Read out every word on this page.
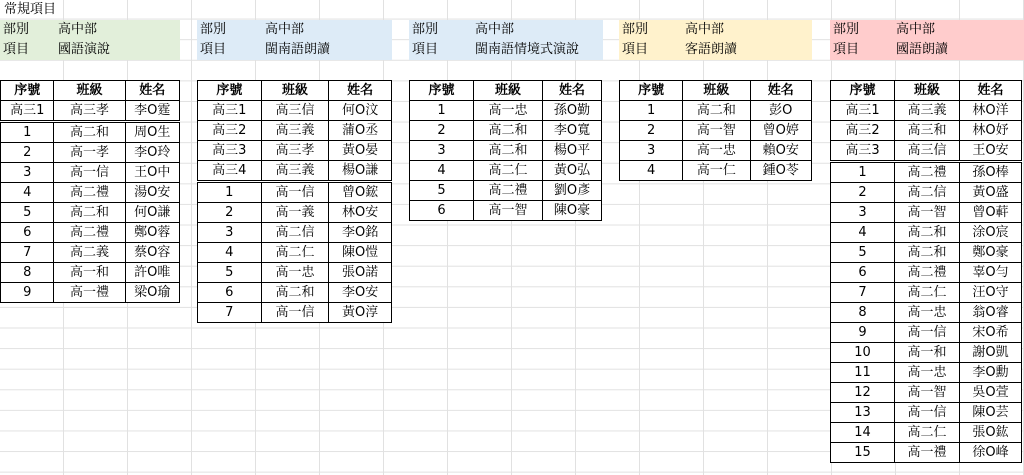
常規項目
部別 高中部
項目 國語演說
序號	班級	姓名
高三1	高三孝	李O霆
1	高二和	周O生
2	高一孝	李O玲
3	高一信	王O中
4	高二禮	湯O安
5	高二和	何O謙
6	高二禮	鄭O蓉
7	高二義	蔡O容
8	高一和	許O唯
9	高一禮	梁O瑜
部別	高中部
項目	閩南語朗讀
序號	班級	姓名
高三1	高三信	何O汶
高三2	高三義	蒲O丞
高三3	高三孝	黃O晏
高三4	高三義	楊O謙
1	高一信	曾O鋐
2	高一義	林O安
3	高二信	李O銘
4	高二仁	陳O愷
5	高一忠	張O諾
6	高二和	李O安
7	高一信	黃O淳
部別	高中部
項目	閩南語情境式演說
序號	班級	姓名
1	高一忠	孫O勤
2	高二和	李O寬
3	高二和	楊O平
4	高二仁	黃O弘
5	高二禮	劉O彥
6	高一智	陳O豪
部別	高中部
項目	客語朗讀
序號	班級	姓名
1	高二和	彭O
2	高一智	曾O婷
3	高一忠	賴O安
4	高一仁	鍾O苓
部別	高中部
項目	國語朗讀
序號	班級	姓名
高三1	高三義	林O洋
高三2	高三和	林O妤
高三3	高三信	王O安
1	高二禮	孫O棒
2	高二信	黃O盛
3	高一智	曾O蓒
4	高二和	涂O宸
5	高二和	鄭O豪
6	高二禮	辜O勻
7	高二仁	汪O守
8	高一忠	翁O睿
9	高一信	宋O希
10	高一和	謝O凱
11	高一忠	李O勳
12	高一智	吳O萱
13	高一信	陳O芸
14	高二仁	張O鈜
15	高一禮	徐O峰
